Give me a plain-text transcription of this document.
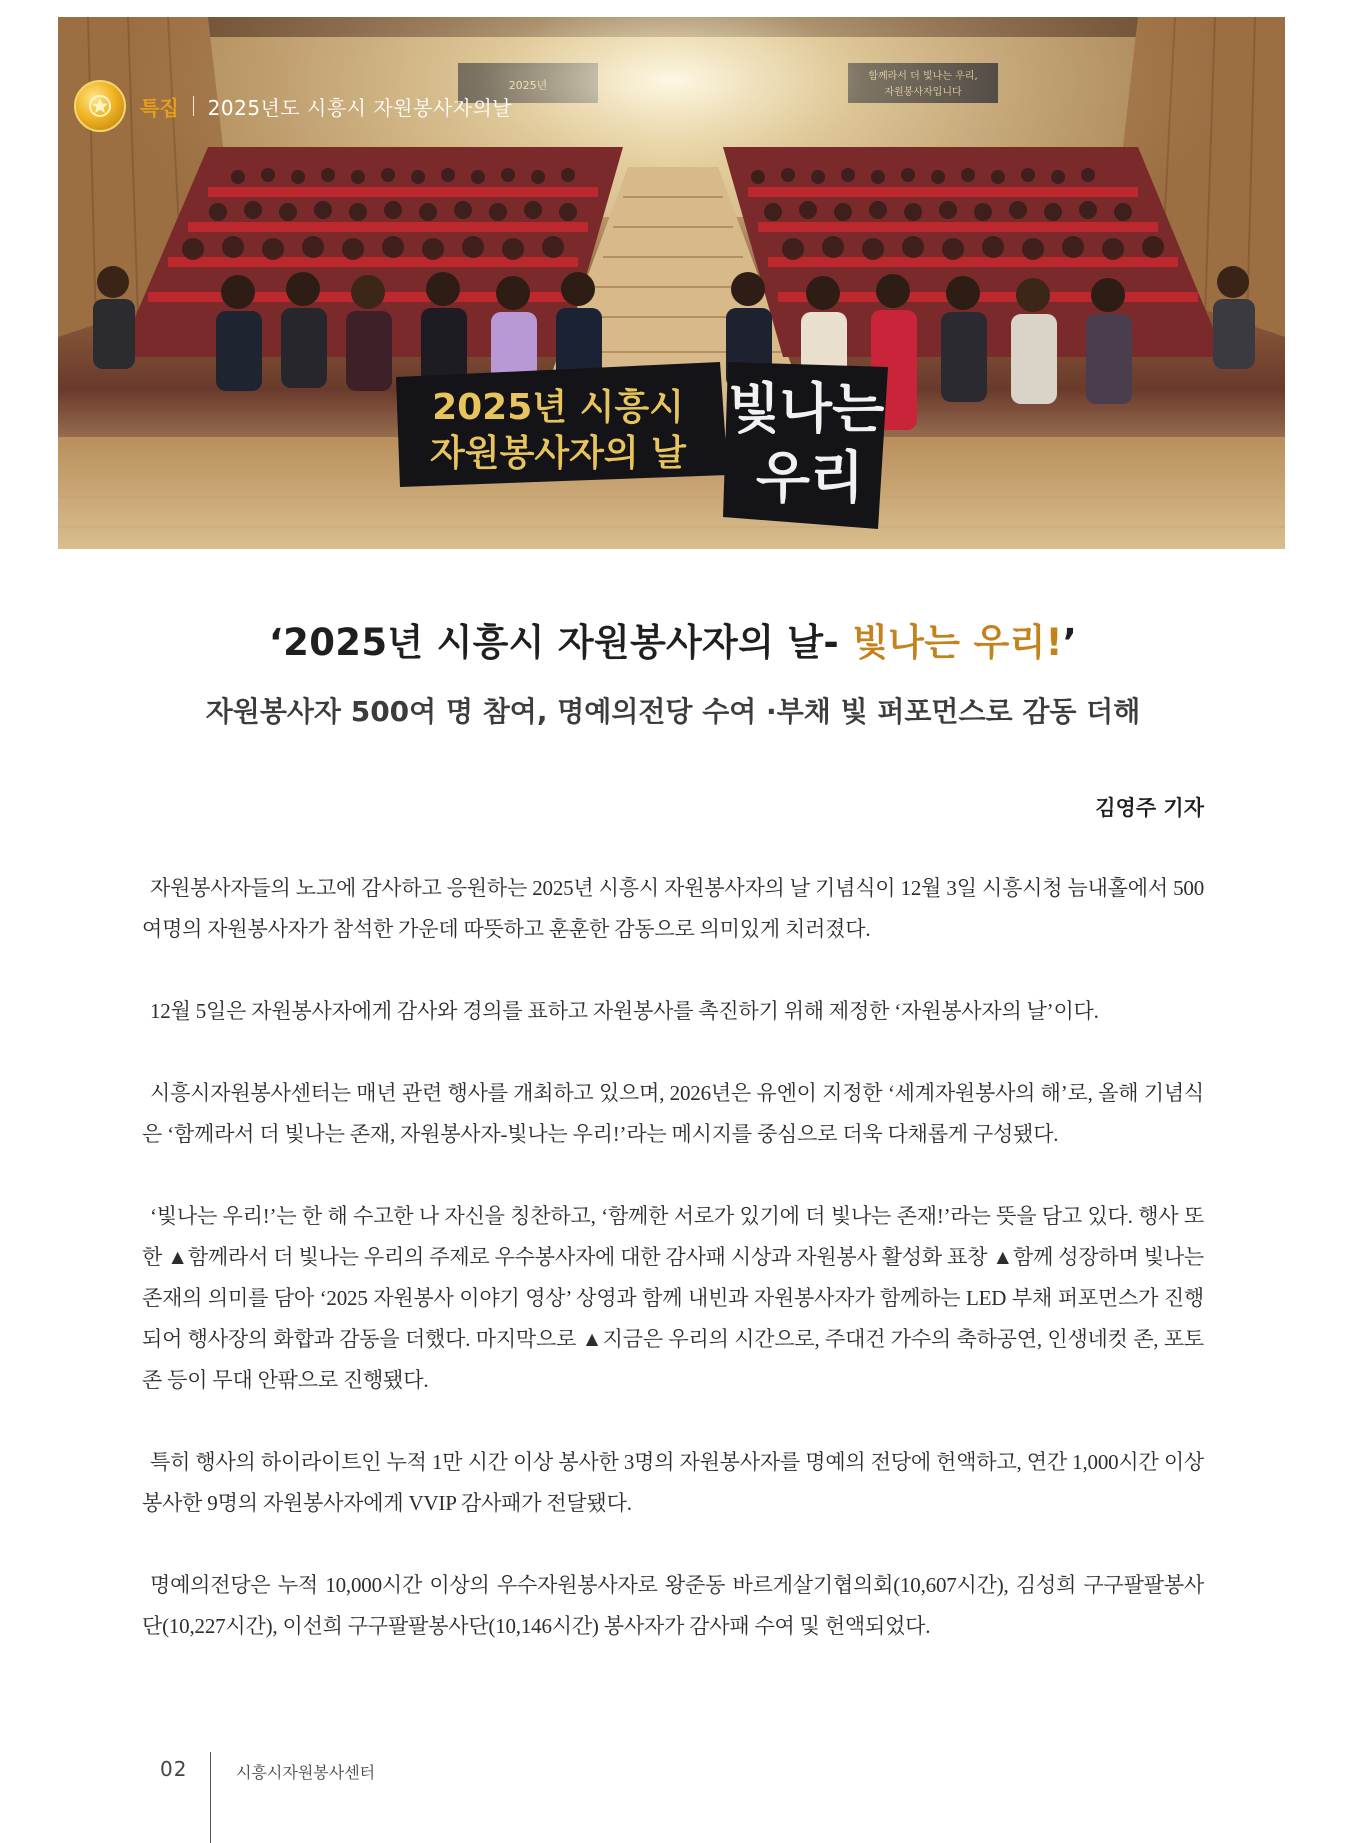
2025년 시흥시
자원봉사자의 날
빛나는
우리
특집 2025년도 시흥시 자원봉사자의날
‘2025년 시흥시 자원봉사자의 날- 빛나는 우리!’
자원봉사자 500여 명 참여, 명예의전당 수여 ·부채 빛 퍼포먼스로 감동 더해
김영주 기자

자원봉사자들의 노고에 감사하고 응원하는 2025년 시흥시 자원봉사자의 날 기념식이 12월 3일 시흥시청 늠내홀에서 500여명의 자원봉사자가 참석한 가운데 따뜻하고 훈훈한 감동으로 의미있게 치러졌다.

12월 5일은 자원봉사자에게 감사와 경의를 표하고 자원봉사를 촉진하기 위해 제정한 ‘자원봉사자의 날’이다.

시흥시자원봉사센터는 매년 관련 행사를 개최하고 있으며, 2026년은 유엔이 지정한 ‘세계자원봉사의 해’로, 올해 기념식은 ‘함께라서 더 빛나는 존재, 자원봉사자-빛나는 우리!’라는 메시지를 중심으로 더욱 다채롭게 구성됐다.

‘빛나는 우리!’는 한 해 수고한 나 자신을 칭찬하고, ‘함께한 서로가 있기에 더 빛나는 존재!’라는 뜻을 담고 있다. 행사 또한 ▲함께라서 더 빛나는 우리의 주제로 우수봉사자에 대한 감사패 시상과 자원봉사 활성화 표창 ▲함께 성장하며 빛나는 존재의 의미를 담아 ‘2025 자원봉사 이야기 영상’ 상영과 함께 내빈과 자원봉사자가 함께하는 LED 부채 퍼포먼스가 진행되어 행사장의 화합과 감동을 더했다. 마지막으로 ▲지금은 우리의 시간으로, 주대건 가수의 축하공연, 인생네컷 존, 포토존 등이 무대 안팎으로 진행됐다.

특히 행사의 하이라이트인 누적 1만 시간 이상 봉사한 3명의 자원봉사자를 명예의 전당에 헌액하고, 연간 1,000시간 이상 봉사한 9명의 자원봉사자에게 VVIP 감사패가 전달됐다.

명예의전당은 누적 10,000시간 이상의 우수자원봉사자로 왕준동 바르게살기협의회(10,607시간), 김성희 구구팔팔봉사단(10,227시간), 이선희 구구팔팔봉사단(10,146시간) 봉사자가 감사패 수여 및 헌액되었다.

02	시흥시자원봉사센터
